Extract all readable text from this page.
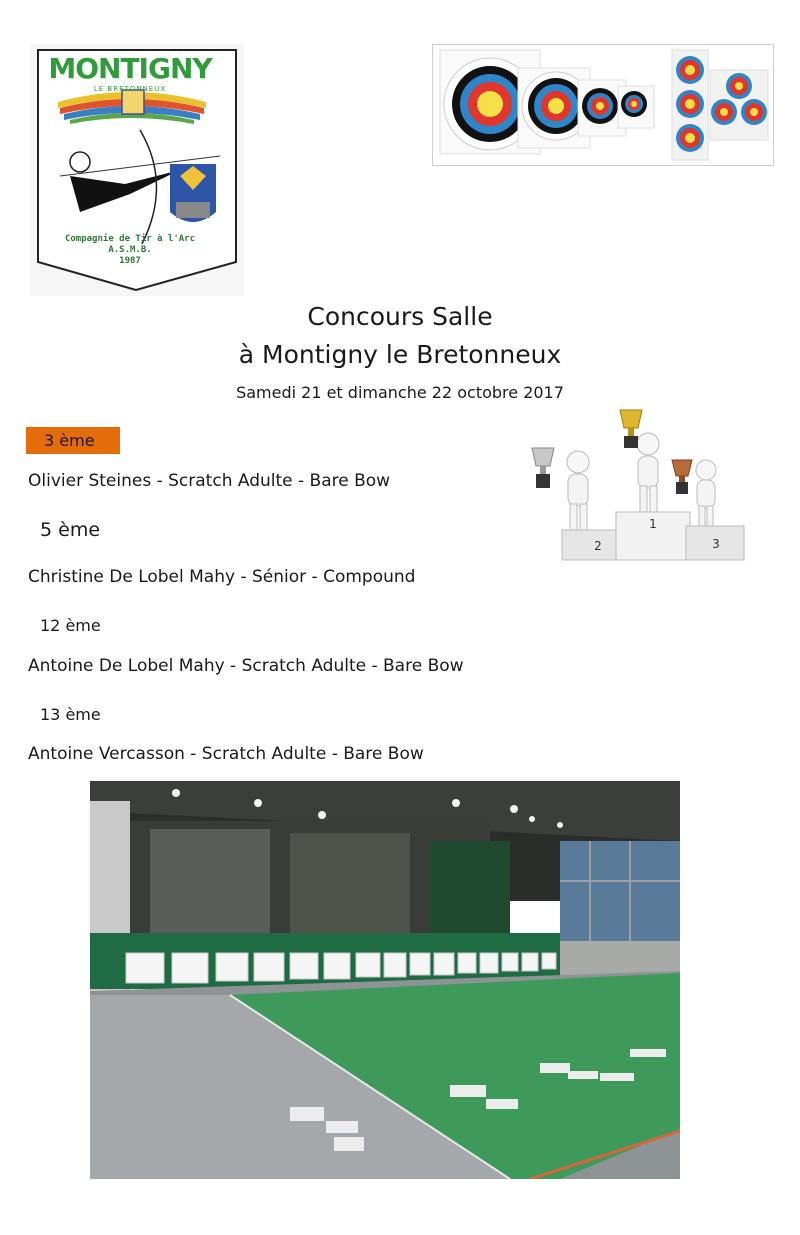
MONTIGNY
LE BRETONNEUX
Compagnie de Tir à l'Arc
A.S.M.B.
1987
Concours Salle
à Montigny le Bretonneux
Samedi 21 et dimanche 22 octobre 2017
3 ème
Olivier Steines - Scratch Adulte - Bare Bow
5 ème
Christine De Lobel Mahy - Sénior - Compound
12 ème
Antoine De Lobel Mahy - Scratch Adulte - Bare Bow
13 ème
Antoine Vercasson - Scratch Adulte - Bare Bow
2
1
3
